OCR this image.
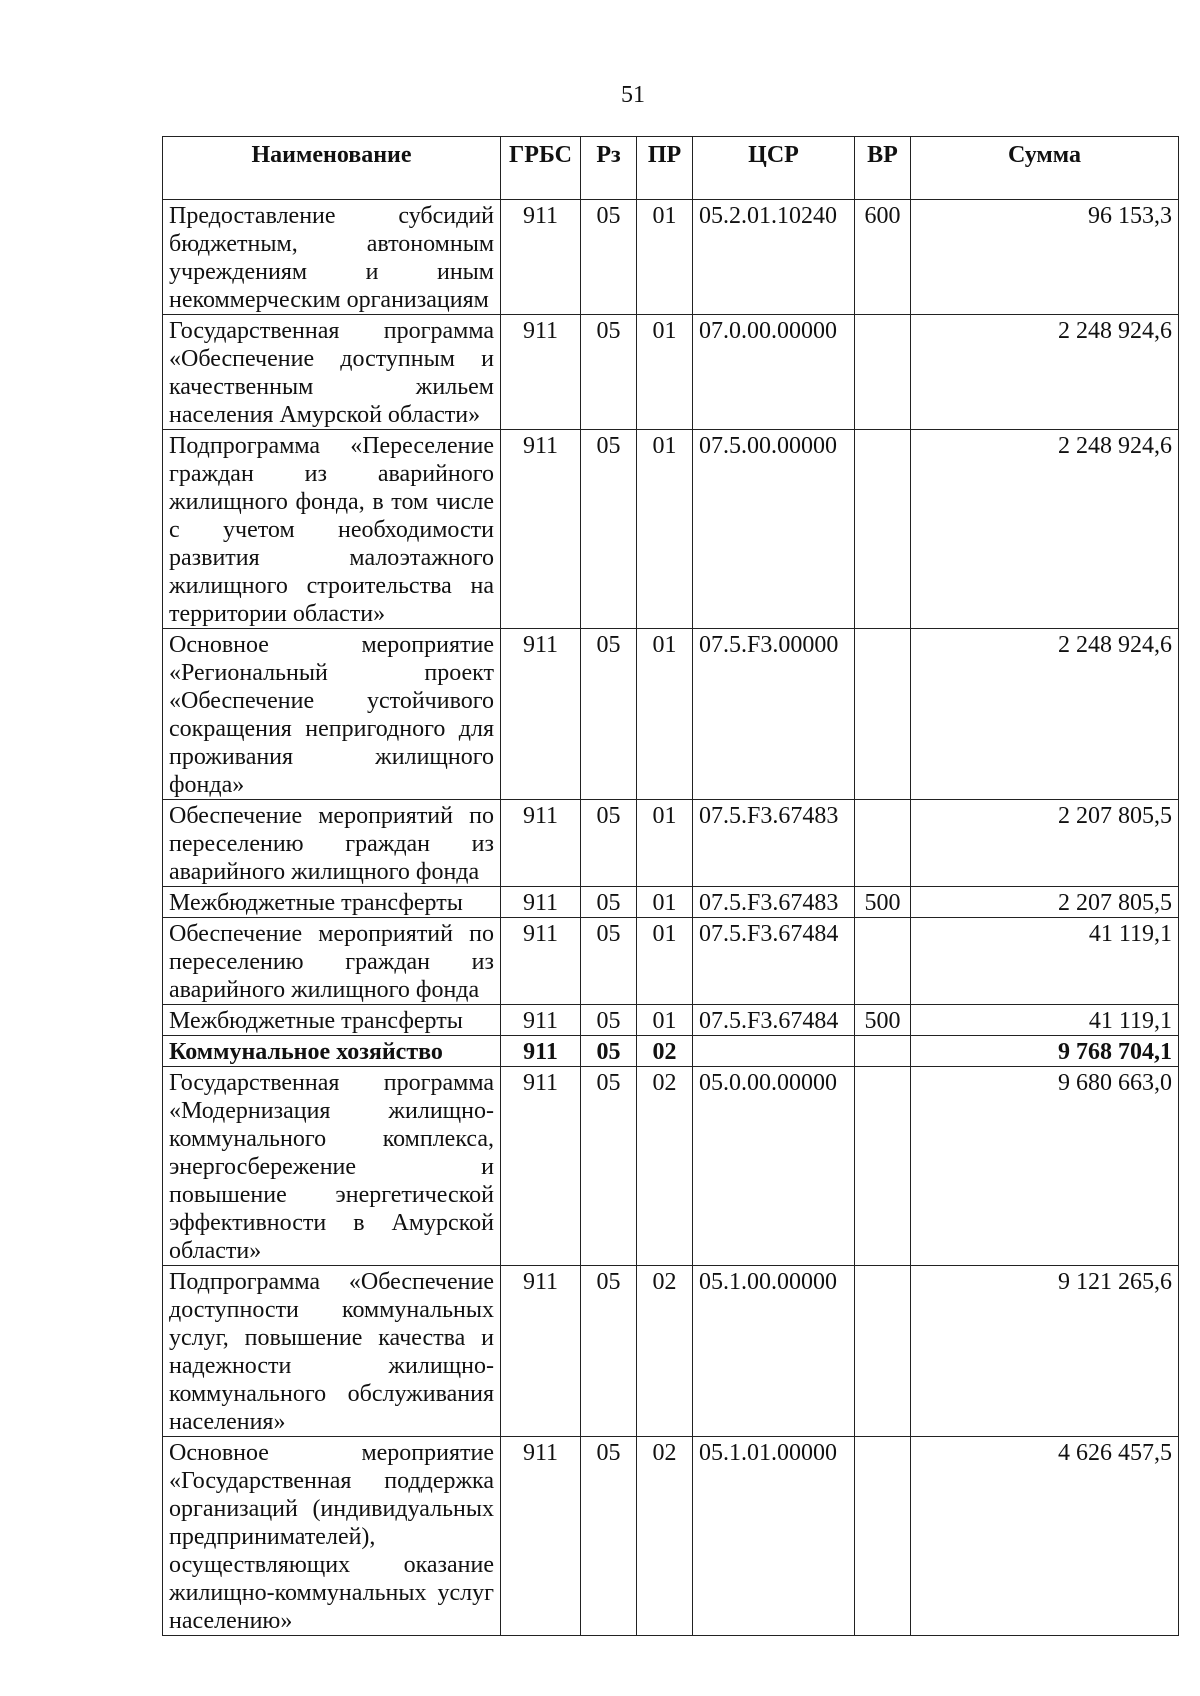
51
Наименование	ГРБС	Рз	ПР	ЦСР	ВР	Сумма
Предоставление субсидий бюджетным, автономным учреждениям и иным некоммерческим организациям	911	05	01	05.2.01.10240	600	96 153,3
Государственная программа «Обеспечение доступным и качественным жильем населения Амурской области»	911	05	01	07.0.00.00000		2 248 924,6
Подпрограмма «Переселение граждан из аварийного жилищного фонда, в том числе с учетом необходимости развития малоэтажного жилищного строительства на территории области»	911	05	01	07.5.00.00000		2 248 924,6
Основное мероприятие «Региональный проект «Обеспечение устойчивого сокращения непригодного для проживания жилищного фонда»	911	05	01	07.5.F3.00000		2 248 924,6
Обеспечение мероприятий по переселению граждан из аварийного жилищного фонда	911	05	01	07.5.F3.67483		2 207 805,5
Межбюджетные трансферты	911	05	01	07.5.F3.67483	500	2 207 805,5
Обеспечение мероприятий по переселению граждан из аварийного жилищного фонда	911	05	01	07.5.F3.67484		41 119,1
Межбюджетные трансферты	911	05	01	07.5.F3.67484	500	41 119,1
Коммунальное хозяйство	911	05	02			9 768 704,1
Государственная программа «Модернизация жилищно-коммунального комплекса, энергосбережение и повышение энергетической эффективности в Амурской области»	911	05	02	05.0.00.00000		9 680 663,0
Подпрограмма «Обеспечение доступности коммунальных услуг, повышение качества и надежности жилищно-коммунального обслуживания населения»	911	05	02	05.1.00.00000		9 121 265,6
Основное мероприятие «Государственная поддержка организаций (индивидуальных предпринимателей), осуществляющих оказание жилищно-коммунальных услуг населению»	911	05	02	05.1.01.00000		4 626 457,5
